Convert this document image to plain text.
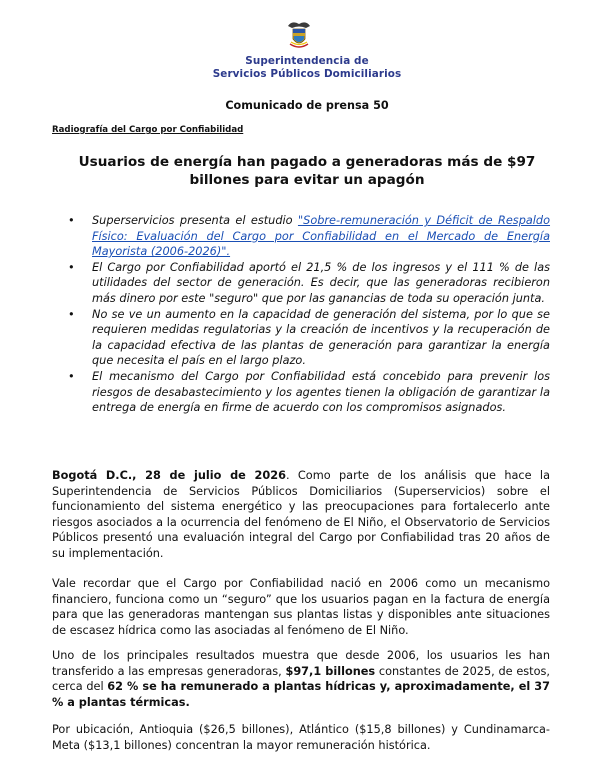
Superintendencia de
Servicios Públicos Domiciliarios
Comunicado de prensa 50
Radiografía del Cargo por Confiabilidad
Usuarios de energía han pagado a generadoras más de $97 billones para evitar un apagón
• Superservicios presenta el estudio "Sobre-remuneración y Déficit de Respaldo Físico: Evaluación del Cargo por Confiabilidad en el Mercado de Energía Mayorista (2006-2026)".
• El Cargo por Confiabilidad aportó el 21,5 % de los ingresos y el 111 % de las utilidades del sector de generación. Es decir, que las generadoras recibieron más dinero por este "seguro" que por las ganancias de toda su operación junta.
• No se ve un aumento en la capacidad de generación del sistema, por lo que se requieren medidas regulatorias y la creación de incentivos y la recuperación de la capacidad efectiva de las plantas de generación para garantizar la energía que necesita el país en el largo plazo.
• El mecanismo del Cargo por Confiabilidad está concebido para prevenir los riesgos de desabastecimiento y los agentes tienen la obligación de garantizar la entrega de energía en firme de acuerdo con los compromisos asignados.

Bogotá D.C., 28 de julio de 2026. Como parte de los análisis que hace la Superintendencia de Servicios Públicos Domiciliarios (Superservicios) sobre el funcionamiento del sistema energético y las preocupaciones para fortalecerlo ante riesgos asociados a la ocurrencia del fenómeno de El Niño, el Observatorio de Servicios Públicos presentó una evaluación integral del Cargo por Confiabilidad tras 20 años de su implementación.

Vale recordar que el Cargo por Confiabilidad nació en 2006 como un mecanismo financiero, funciona como un “seguro” que los usuarios pagan en la factura de energía para que las generadoras mantengan sus plantas listas y disponibles ante situaciones de escasez hídrica como las asociadas al fenómeno de El Niño.

Uno de los principales resultados muestra que desde 2006, los usuarios les han transferido a las empresas generadoras, $97,1 billones constantes de 2025, de estos, cerca del 62 % se ha remunerado a plantas hídricas y, aproximadamente, el 37 % a plantas térmicas.

Por ubicación, Antioquia ($26,5 billones), Atlántico ($15,8 billones) y Cundinamarca-Meta ($13,1 billones) concentran la mayor remuneración histórica.
